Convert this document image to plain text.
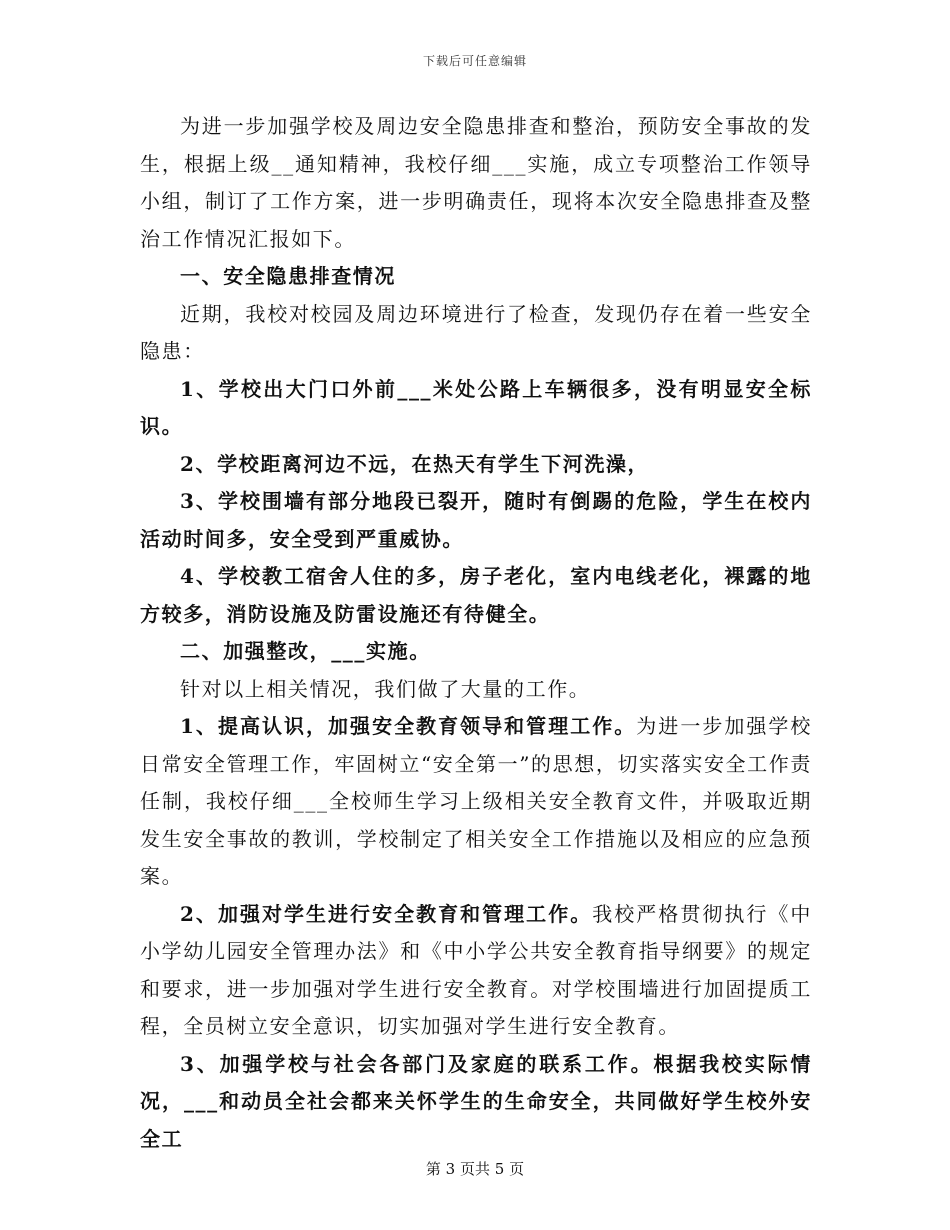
下载后可任意编辑

为进一步加强学校及周边安全隐患排查和整治，预防安全事故的发生，根据上级__通知精神，我校仔细___实施，成立专项整治工作领导小组，制订了工作方案，进一步明确责任，现将本次安全隐患排查及整治工作情况汇报如下。

一、安全隐患排查情况

近期，我校对校园及周边环境进行了检查，发现仍存在着一些安全隐患：

1、学校出大门口外前___米处公路上车辆很多，没有明显安全标识。

2、学校距离河边不远，在热天有学生下河洗澡，

3、学校围墙有部分地段已裂开，随时有倒踢的危险，学生在校内活动时间多，安全受到严重威协。

4、学校教工宿舍人住的多，房子老化，室内电线老化，裸露的地方较多，消防设施及防雷设施还有待健全。

二、加强整改，___实施。

针对以上相关情况，我们做了大量的工作。

1、提高认识，加强安全教育领导和管理工作。为进一步加强学校日常安全管理工作，牢固树立“安全第一”的思想，切实落实安全工作责任制，我校仔细___全校师生学习上级相关安全教育文件，并吸取近期发生安全事故的教训，学校制定了相关安全工作措施以及相应的应急预案。

2、加强对学生进行安全教育和管理工作。我校严格贯彻执行《中小学幼儿园安全管理办法》和《中小学公共安全教育指导纲要》的规定和要求，进一步加强对学生进行安全教育。对学校围墙进行加固提质工程，全员树立安全意识，切实加强对学生进行安全教育。

3、加强学校与社会各部门及家庭的联系工作。根据我校实际情况，___和动员全社会都来关怀学生的生命安全，共同做好学生校外安全工

第 3 页共 5 页
